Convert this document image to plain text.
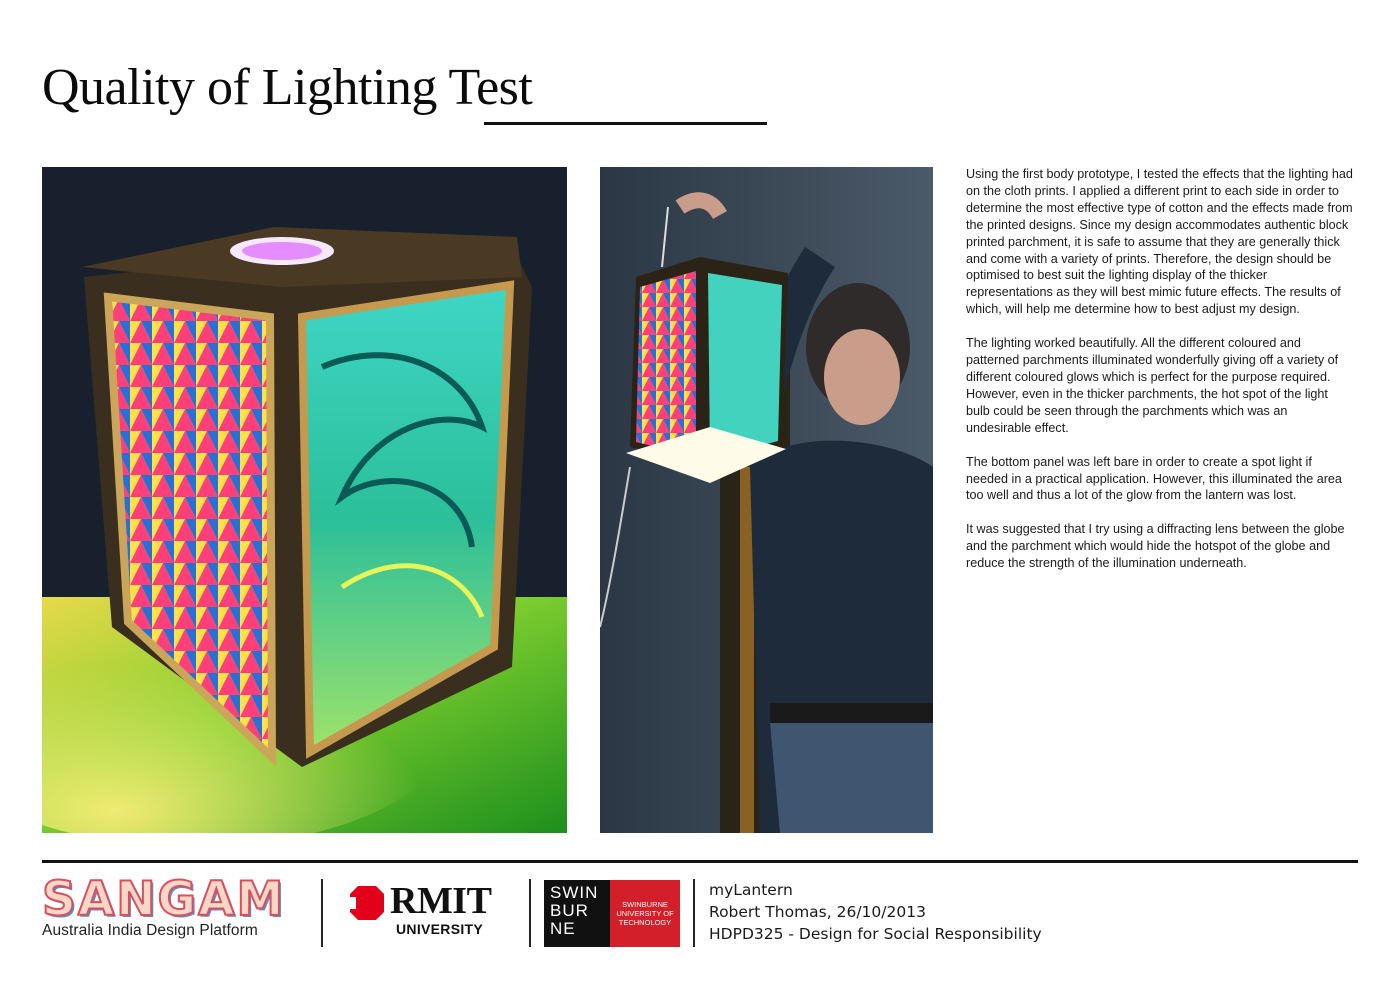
Quality of Lighting Test

Using the first body prototype, I tested the effects that the lighting had on the cloth prints. I applied a different print to each side in order to determine the most effective type of cotton and the effects made from the printed designs. Since my design accommodates authentic block printed parchment, it is safe to assume that they are generally thick and come with a variety of prints. Therefore, the design should be optimised to best suit the lighting display of the thicker representations as they will best mimic future effects. The results of which, will help me determine how to best adjust my design.

The lighting worked beautifully. All the different coloured and patterned parchments illuminated wonderfully giving off a variety of different coloured glows which is perfect for the purpose required. However, even in the thicker parchments, the hot spot of the light bulb could be seen through the parchments which was an undesirable effect.

The bottom panel was left bare in order to create a spot light if needed in a practical application. However, this illuminated the area too well and thus a lot of the glow from the lantern was lost.

It was suggested that I try using a diffracting lens between the globe and the parchment which would hide the hotspot of the globe and reduce the strength of the illumination underneath.

SANGAM
Australia India Design Platform
RMIT
UNIVERSITY
SWIN BUR NE
SWINBURNE UNIVERSITY OF TECHNOLOGY
myLantern
Robert Thomas, 26/10/2013
HDPD325 - Design for Social Responsibility
